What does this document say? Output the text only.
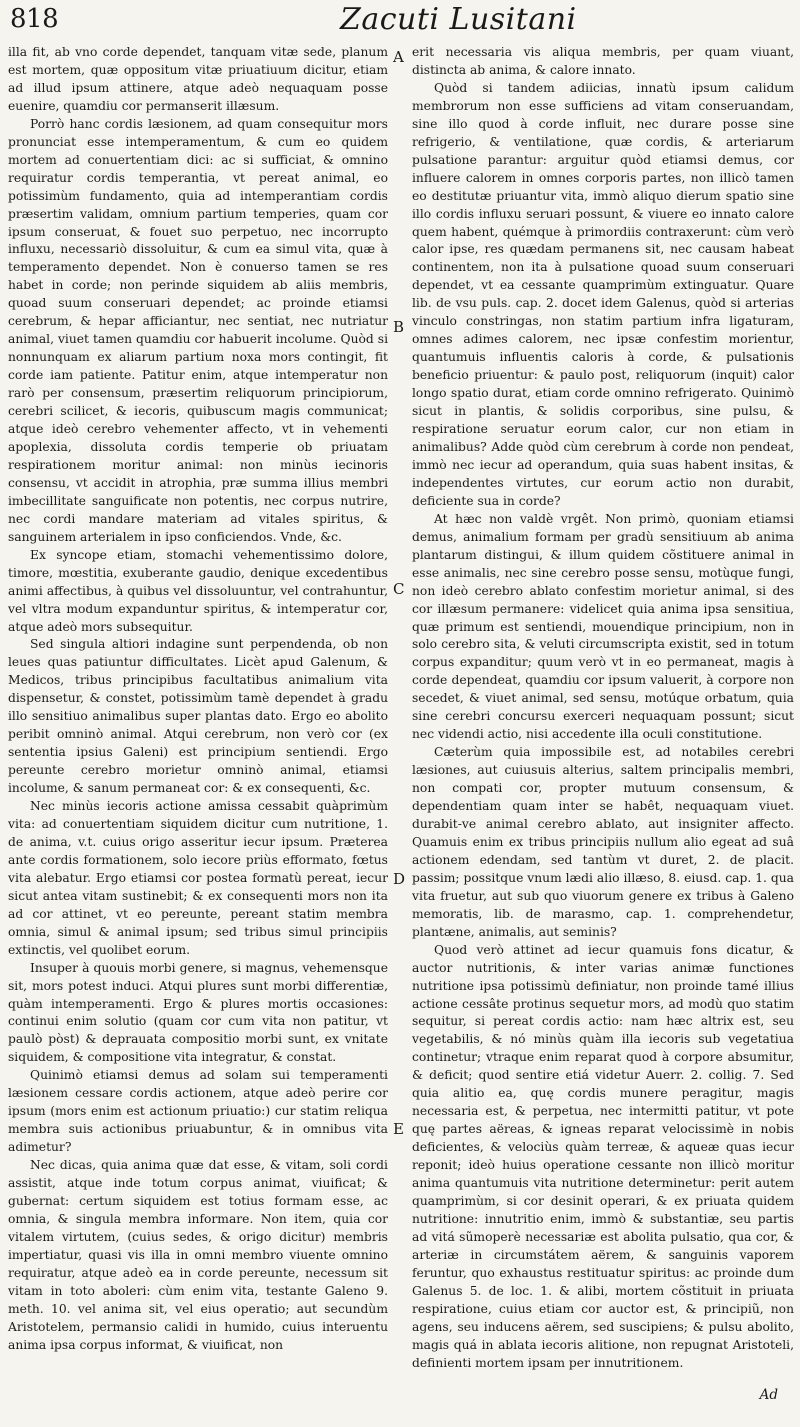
818	Zacuti Lusitani

illa fit, ab vno corde dependet, tanquam vitæ sede, planum est mortem, quæ oppositum vitæ priuatiuum dicitur, etiam ad illud ipsum attinere, atque adeò nequaquam posse euenire, quamdiu cor permanserit illæsum.

Porrò hanc cordis læsionem, ad quam consequitur mors pronunciat esse intemperamentum, & cum eo quidem mortem ad conuertentiam dici: ac si sufficiat, & omnino requiratur cordis temperantia, vt pereat animal, eo potissimùm fundamento, quia ad intemperantiam cordis præsertim validam, omnium partium temperies, quam cor ipsum conseruat, & fouet suo perpetuo, nec incorrupto influxu, necessariò dissoluitur, & cum ea simul vita, quæ à temperamento dependet. Non è conuerso tamen se res habet in corde; non perinde siquidem ab aliis membris, quoad suum conseruari dependet; ac proinde etiamsi cerebrum, & hepar afficiantur, nec sentiat, nec nutriatur animal, viuet tamen quamdiu cor habuerit incolume. Quòd si nonnunquam ex aliarum partium noxa mors contingit, fit corde iam patiente. Patitur enim, atque intemperatur non rarò per consensum, præsertim reliquorum principiorum, cerebri scilicet, & iecoris, quibuscum magis communicat; atque ideò cerebro vehementer affecto, vt in vehementi apoplexia, dissoluta cordis temperie ob priuatam respirationem moritur animal: non minùs iecinoris consensu, vt accidit in atrophia, præ summa illius membri imbecillitate sanguificate non potentis, nec corpus nutrire, nec cordi mandare materiam ad vitales spiritus, & sanguinem arterialem in ipso conficiendos. Vnde, &c.

Ex syncope etiam, stomachi vehementissimo dolore, timore, mœstitia, exuberante gaudio, denique excedentibus animi affectibus, à quibus vel dissoluuntur, vel contrahuntur, vel vltra modum expanduntur spiritus, & intemperatur cor, atque adeò mors subsequitur.

Sed singula altiori indagine sunt perpendenda, ob non leues quas patiuntur difficultates. Licèt apud Galenum, & Medicos, tribus principibus facultatibus animalium vita dispensetur, & constet, potissimùm tamè dependet à gradu illo sensitiuo animalibus super plantas dato. Ergo eo abolito peribit omninò animal. Atqui cerebrum, non verò cor (ex sententia ipsius Galeni) est principium sentiendi. Ergo pereunte cerebro morietur omninò animal, etiamsi incolume, & sanum permaneat cor: & ex consequenti, &c.

Nec minùs iecoris actione amissa cessabit quàprimùm vita: ad conuertentiam siquidem dicitur cum nutritione, 1. de anima, v.t. cuius origo asseritur iecur ipsum. Præterea ante cordis formationem, solo iecore priùs efformato, fœtus vita alebatur. Ergo etiamsi cor postea formatù pereat, iecur sicut antea vitam sustinebit; & ex consequenti mors non ita ad cor attinet, vt eo pereunte, pereant statim membra omnia, simul & animal ipsum; sed tribus simul principiis extinctis, vel quolibet eorum.

Insuper à quouis morbi genere, si magnus, vehemensque sit, mors potest induci. Atqui plures sunt morbi differentiæ, quàm intemperamenti. Ergo & plures mortis occasiones: continui enim solutio (quam cor cum vita non patitur, vt paulò pòst) & deprauata compositio morbi sunt, ex vnitate siquidem, & compositione vita integratur, & constat.

Quinimò etiamsi demus ad solam sui temperamenti læsionem cessare cordis actionem, atque adeò perire cor ipsum (mors enim est actionum priuatio:) cur statim reliqua membra suis actionibus priuabuntur, & in omnibus vita adimetur?

Nec dicas, quia anima quæ dat esse, & vitam, soli cordi assistit, atque inde totum corpus animat, viuificat; & gubernat: certum siquidem est totius formam esse, ac omnia, & singula membra informare. Non item, quia cor vitalem virtutem, (cuius sedes, & origo dicitur) membris impertiatur, quasi vis illa in omni membro viuente omnino requiratur, atque adeò ea in corde pereunte, necessum sit vitam in toto aboleri: cùm enim vita, testante Galeno 9. meth. 10. vel anima sit, vel eius operatio; aut secundùm Aristotelem, permansio calidi in humido, cuius interuentu anima ipsa corpus informat, & viuificat, non

erit necessaria vis aliqua membris, per quam viuant, distincta ab anima, & calore innato.

Quòd si tandem adiicias, innatù ipsum calidum membrorum non esse sufficiens ad vitam conseruandam, sine illo quod à corde influit, nec durare posse sine refrigerio, & ventilatione, quæ cordis, & arteriarum pulsatione parantur: arguitur quòd etiamsi demus, cor influere calorem in omnes corporis partes, non illicò tamen eo destitutæ priuantur vita, immò aliquo dierum spatio sine illo cordis influxu seruari possunt, & viuere eo innato calore quem habent, quémque à primordiis contraxerunt: cùm verò calor ipse, res quædam permanens sit, nec causam habeat continentem, non ita à pulsatione quoad suum conseruari dependet, vt ea cessante quamprimùm extinguatur. Quare lib. de vsu puls. cap. 2. docet idem Galenus, quòd si arterias vinculo constringas, non statim partium infra ligaturam, omnes adimes calorem, nec ipsæ confestim morientur, quantumuis influentis caloris à corde, & pulsationis beneficio priuentur: & paulo post, reliquorum (inquit) calor longo spatio durat, etiam corde omnino refrigerato. Quinimò sicut in plantis, & solidis corporibus, sine pulsu, & respiratione seruatur eorum calor, cur non etiam in animalibus? Adde quòd cùm cerebrum à corde non pendeat, immò nec iecur ad operandum, quia suas habent insitas, & independentes virtutes, cur eorum actio non durabit, deficiente sua in corde?

At hæc non valdè vrgêt. Non primò, quoniam etiamsi demus, animalium formam per gradù sensitiuum ab anima plantarum distingui, & illum quidem cõstituere animal in esse animalis, nec sine cerebro posse sensu, motùque fungi, non ideò cerebro ablato confestim morietur animal, si des cor illæsum permanere: videlicet quia anima ipsa sensitiua, quæ primum est sentiendi, mouendique principium, non in solo cerebro sita, & veluti circumscripta existit, sed in totum corpus expanditur; quum verò vt in eo permaneat, magis à corde dependeat, quamdiu cor ipsum valuerit, à corpore non secedet, & viuet animal, sed sensu, motúque orbatum, quia sine cerebri concursu exerceri nequaquam possunt; sicut nec videndi actio, nisi accedente illa oculi constitutione.

Cæterùm quia impossibile est, ad notabiles cerebri læsiones, aut cuiusuis alterius, saltem principalis membri, non compati cor, propter mutuum consensum, & dependentiam quam inter se habêt, nequaquam viuet. durabit-ve animal cerebro ablato, aut insigniter affecto. Quamuis enim ex tribus principiis nullum alio egeat ad suâ actionem edendam, sed tantùm vt duret, 2. de placit. passim; possitque vnum lædi alio illæso, 8. eiusd. cap. 1. qua vita fruetur, aut sub quo viuorum genere ex tribus à Galeno memoratis, lib. de marasmo, cap. 1. comprehendetur, plantæne, animalis, aut seminis?

Quod verò attinet ad iecur quamuis fons dicatur, & auctor nutritionis, & inter varias animæ functiones nutritione ipsa potissimù definiatur, non proinde tamé illius actione cessâte protinus sequetur mors, ad modù quo statim sequitur, si pereat cordis actio: nam hæc altrix est, seu vegetabilis, & nó minùs quàm illa iecoris sub vegetatiua continetur; vtraque enim reparat quod à corpore absumitur, & deficit; quod sentire etiá videtur Auerr. 2. collig. 7. Sed quia alitio ea, quę cordis munere peragitur, magis necessaria est, & perpetua, nec intermitti patitur, vt pote quę partes aëreas, & igneas reparat velocissimè in nobis deficientes, & velociùs quàm terreæ, & aqueæ quas iecur reponit; ideò huius operatione cessante non illicò moritur anima quantumuis vita nutritione determinetur: perit autem quamprimùm, si cor desinit operari, & ex priuata quidem nutritione: innutritio enim, immò & substantiæ, seu partis ad vitá sũmoperè necessariæ est abolita pulsatio, qua cor, & arteriæ in circumstátem aërem, & sanguinis vaporem feruntur, quo exhaustus restituatur spiritus: ac proinde dum Galenus 5. de loc. 1. & alibi, mortem cõstituit in priuata respiratione, cuius etiam cor auctor est, & principiũ, non agens, seu inducens aërem, sed suscipiens; & pulsu abolito, magis quá in ablata iecoris alitione, non repugnat Aristoteli, definienti mortem ipsam per innutritionem.

A
B
C
D
E
Ad
